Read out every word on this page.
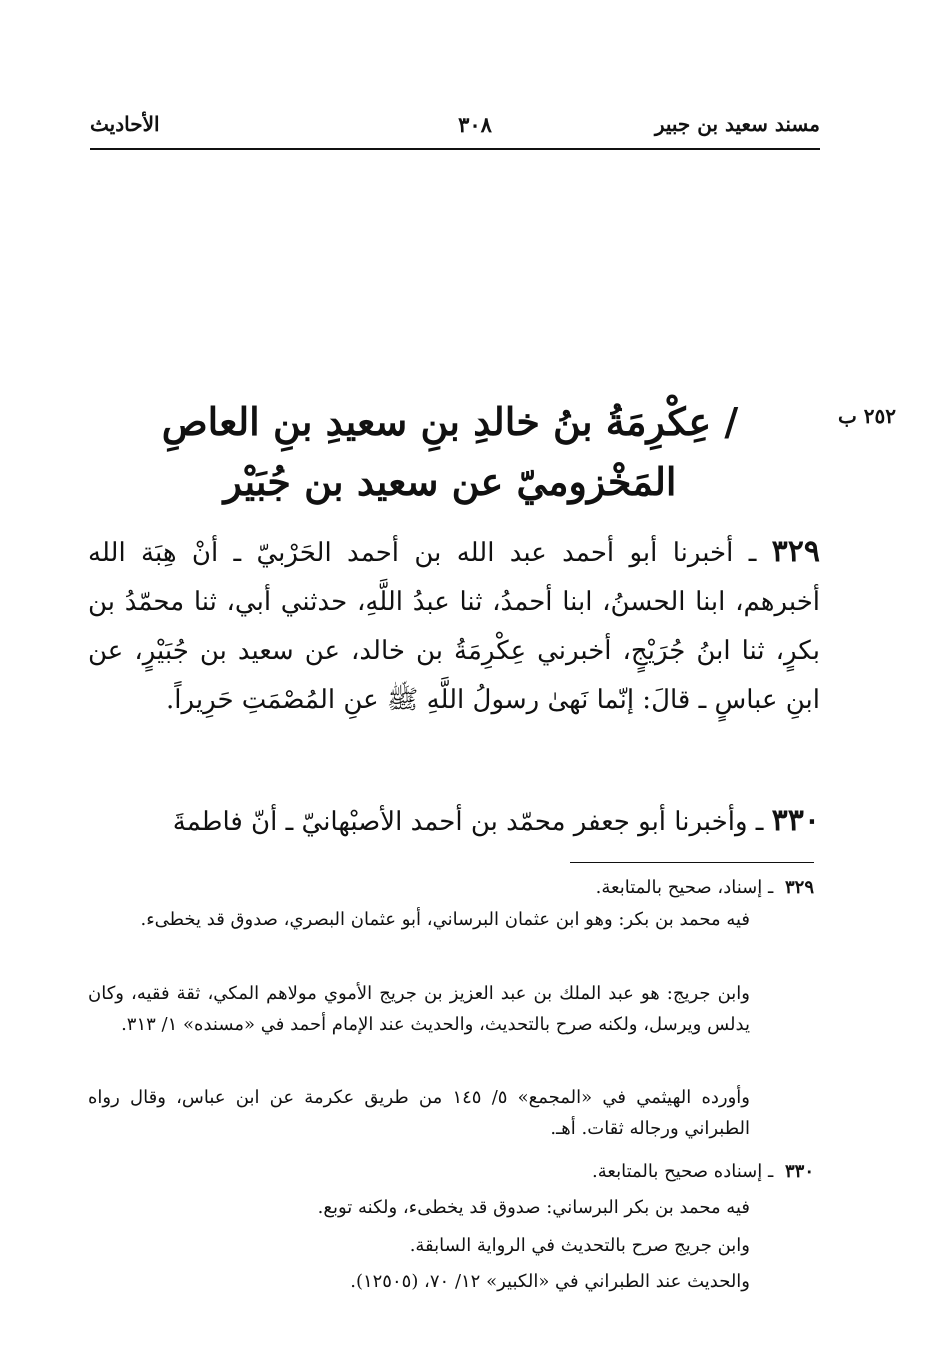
مسند سعيد بن جبير
٣٠٨
الأحاديث
٢٥٢ ب
/ عِكْرِمَةُ بنُ خالدِ بنِ سعيدِ بنِ العاصِ
المَخْزوميّ عن سعيد بن جُبَيْر
٣٢٩ ـ أخبرنا أبو أحمد عبد الله بن أحمد الحَرْبيّ ـ أنْ هِبَة الله أخبرهم، ابنا الحسنُ، ابنا أحمدُ، ثنا عبدُ اللَّهِ، حدثني أبي، ثنا محمّدُ بن بكرٍ، ثنا ابنُ جُرَيْجٍ، أخبرني عِكْرِمَةُ بن خالد، عن سعيد بن جُبَيْرٍ، عن ابنِ عباسٍ ـ قالَ: إنّما نَهىٰ رسولُ اللَّهِ ﷺ عنِ المُصْمَتِ حَرِيراً.
٣٣٠ ـ وأخبرنا أبو جعفر محمّد بن أحمد الأصبْهانيّ ـ أنّ فاطمةَ
٣٢٩ ـ إسناد، صحيح بالمتابعة.
فيه محمد بن بكر: وهو ابن عثمان البرساني، أبو عثمان البصري، صدوق قد يخطىء.
وابن جريج: هو عبد الملك بن عبد العزيز بن جريج الأموي مولاهم المكي، ثقة فقيه، وكان يدلس ويرسل، ولكنه صرح بالتحديث، والحديث عند الإمام أحمد في «مسنده» ١/ ٣١٣.
وأورده الهيثمي في «المجمع» ٥/ ١٤٥ من طريق عكرمة عن ابن عباس، وقال رواه الطبراني ورجاله ثقات. أهـ.
٣٣٠ ـ إسناده صحيح بالمتابعة.
فيه محمد بن بكر البرساني: صدوق قد يخطىء، ولكنه توبع.
وابن جريج صرح بالتحديث في الرواية السابقة.
والحديث عند الطبراني في «الكبير» ١٢/ ٧٠، (١٢٥٠٥).
